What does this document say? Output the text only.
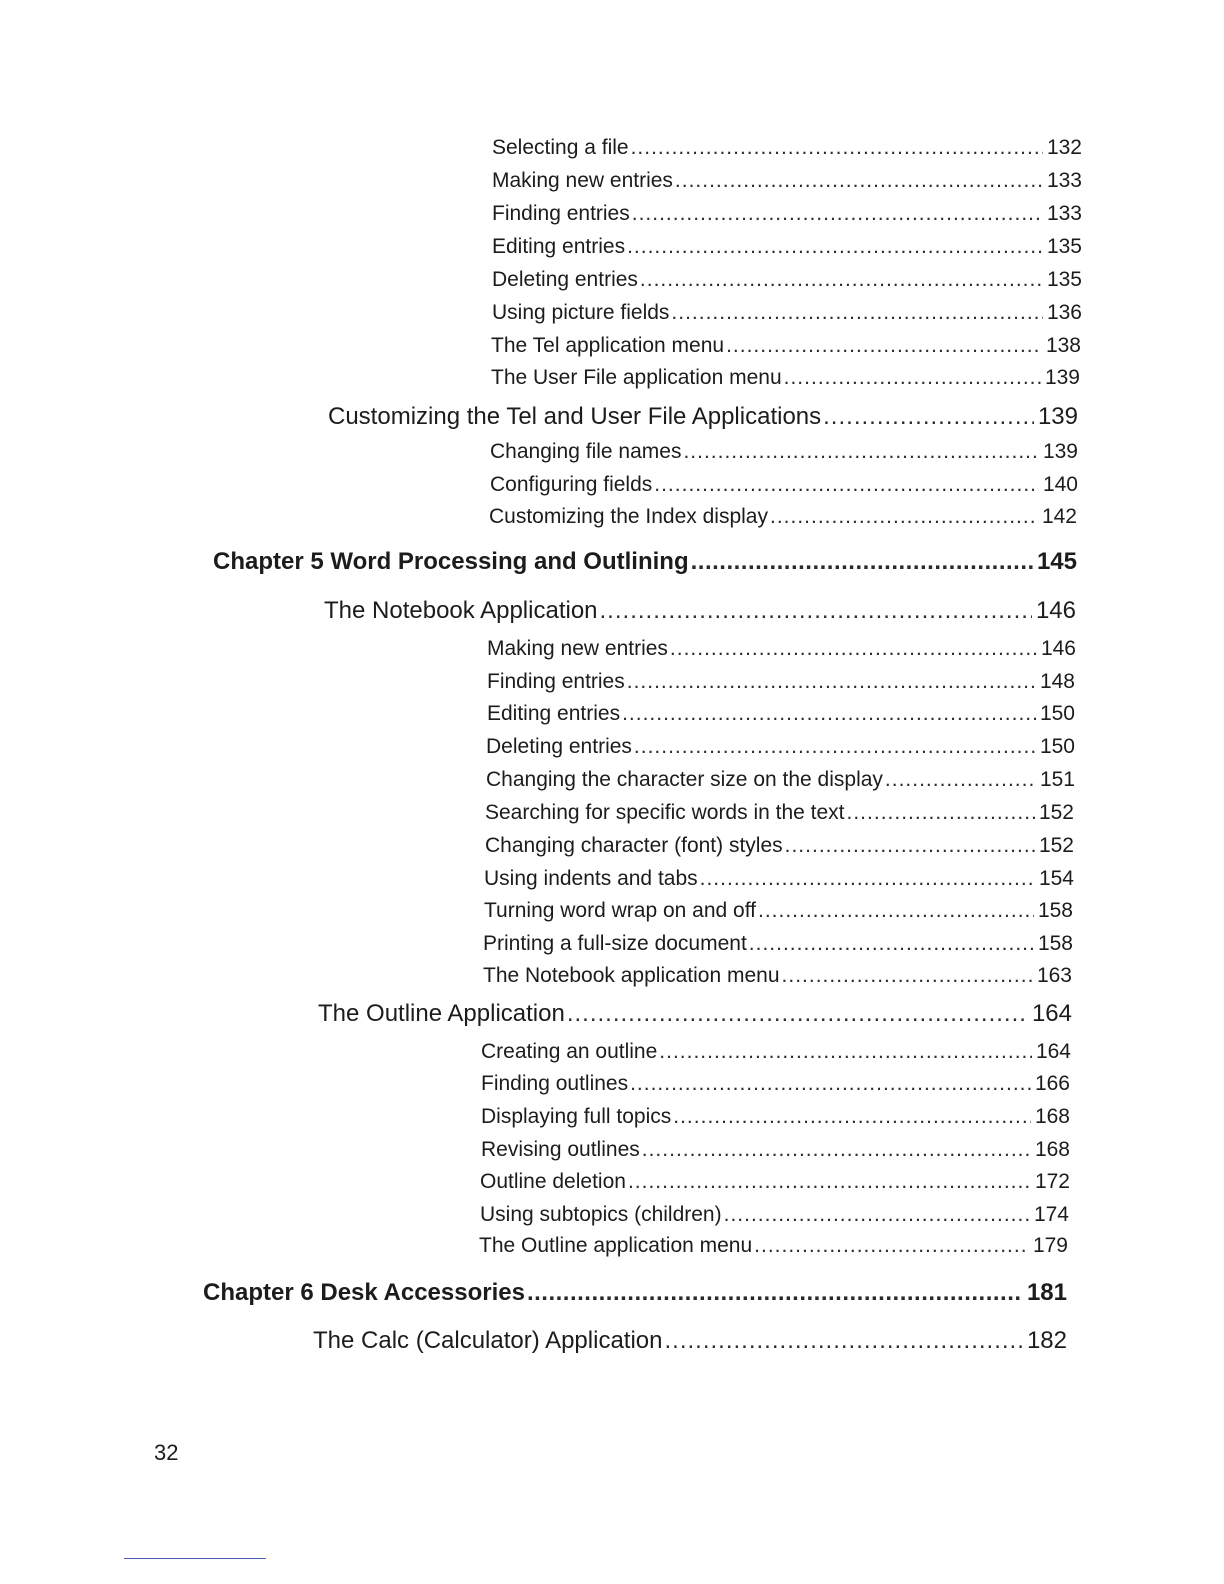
Selecting a file .....	132
Making new entries .....	133
Finding entries .....	133
Editing entries .....	135
Deleting entries .....	135
Using picture fields .....	136
The Tel application menu .....	138
The User File application menu .....	139
Customizing the Tel and User File Applications .....	139
Changing file names .....	139
Configuring fields .....	140
Customizing the Index display .....	142
Chapter 5 Word Processing and Outlining .....	145
The Notebook Application .....	146
Making new entries .....	146
Finding entries .....	148
Editing entries .....	150
Deleting entries .....	150
Changing the character size on the display .....	151
Searching for specific words in the text .....	152
Changing character (font) styles .....	152
Using indents and tabs .....	154
Turning word wrap on and off .....	158
Printing a full-size document .....	158
The Notebook application menu .....	163
The Outline Application .....	164
Creating an outline .....	164
Finding outlines .....	166
Displaying full topics .....	168
Revising outlines .....	168
Outline deletion .....	172
Using subtopics (children) .....	174
The Outline application menu .....	179
Chapter 6 Desk Accessories .....	181
The Calc (Calculator) Application .....	182
32
